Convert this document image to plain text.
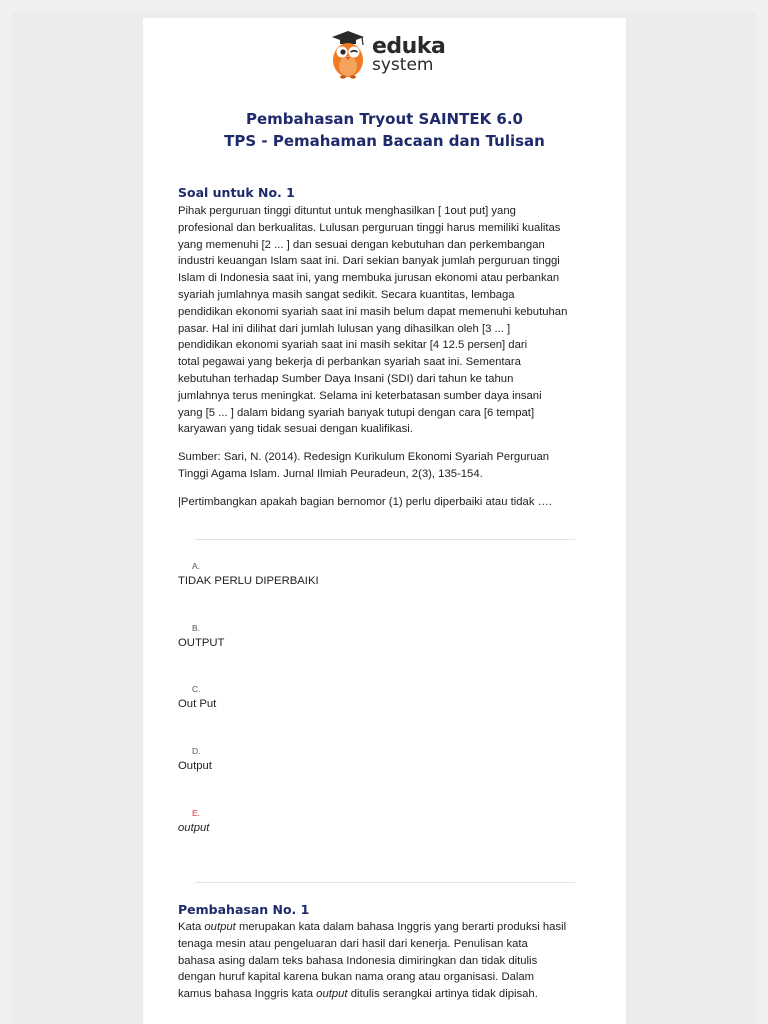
eduka
system
Pembahasan Tryout SAINTEK 6.0
TPS - Pemahaman Bacaan dan Tulisan
Soal untuk No. 1
Pihak perguruan tinggi dituntut untuk menghasilkan [ 1out put] yang
profesional dan berkualitas. Lulusan perguruan tinggi harus memiliki kualitas
yang memenuhi [2 ... ] dan sesuai dengan kebutuhan dan perkembangan
industri keuangan Islam saat ini. Dari sekian banyak jumlah perguruan tinggi
Islam di Indonesia saat ini, yang membuka jurusan ekonomi atau perbankan
syariah jumlahnya masih sangat sedikit. Secara kuantitas, lembaga
pendidikan ekonomi syariah saat ini masih belum dapat memenuhi kebutuhan
pasar. Hal ini dilihat dari jumlah lulusan yang dihasilkan oleh [3 ... ]
pendidikan ekonomi syariah saat ini masih sekitar [4 12.5 persen] dari
total pegawai yang bekerja di perbankan syariah saat ini. Sementara
kebutuhan terhadap Sumber Daya Insani (SDI) dari tahun ke tahun
jumlahnya terus meningkat. Selama ini keterbatasan sumber daya insani
yang [5 ... ] dalam bidang syariah banyak tutupi dengan cara [6 tempat]
karyawan yang tidak sesuai dengan kualifikasi.
Sumber: Sari, N. (2014). Redesign Kurikulum Ekonomi Syariah Perguruan
Tinggi Agama Islam. Jurnal Ilmiah Peuradeun, 2(3), 135-154.
|Pertimbangkan apakah bagian bernomor (1) perlu diperbaiki atau tidak ….
A.
TIDAK PERLU DIPERBAIKI
B.
OUTPUT
C.
Out Put
D.
Output
E.
output
Pembahasan No. 1
Kata output merupakan kata dalam bahasa Inggris yang berarti produksi hasil
tenaga mesin atau pengeluaran dari hasil dari kenerja. Penulisan kata
bahasa asing dalam teks bahasa Indonesia dimiringkan dan tidak ditulis
dengan huruf kapital karena bukan nama orang atau organisasi. Dalam
kamus bahasa Inggris kata output ditulis serangkai artinya tidak dipisah.
